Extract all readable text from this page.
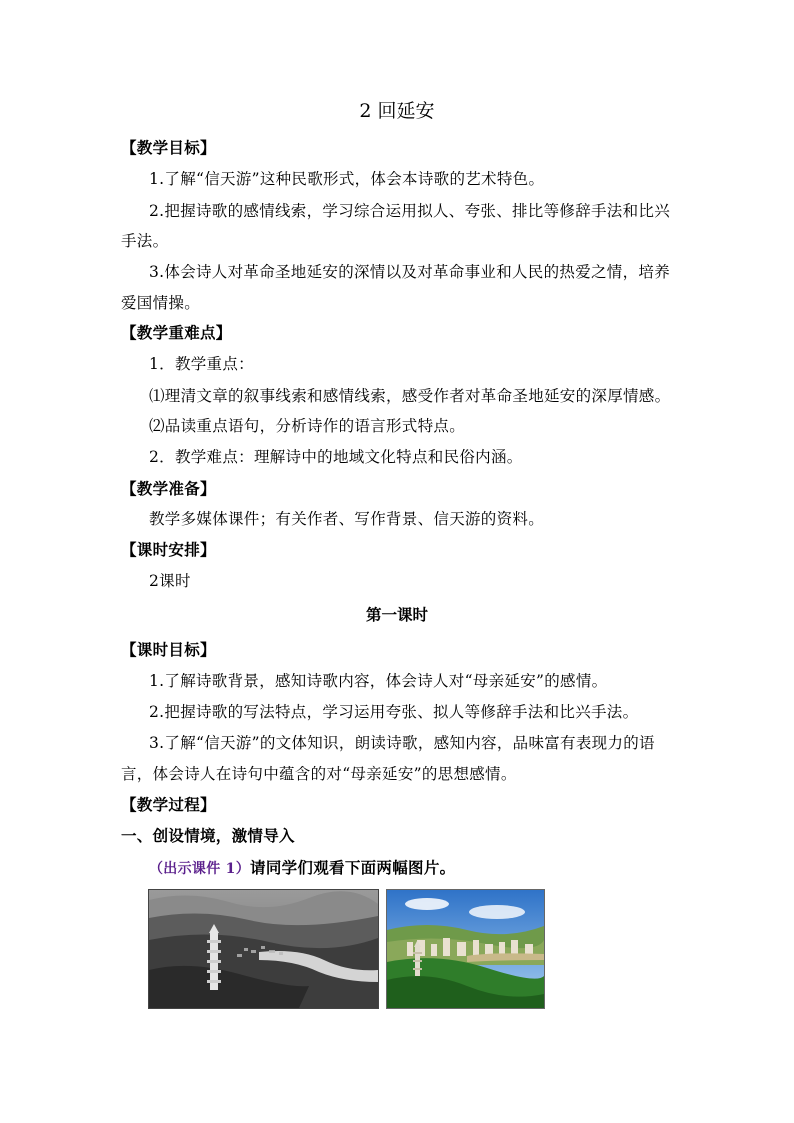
2 回延安
【教学目标】
1.了解“信天游”这种民歌形式，体会本诗歌的艺术特色。
2.把握诗歌的感情线索，学习综合运用拟人、夸张、排比等修辞手法和比兴
手法。
3.体会诗人对革命圣地延安的深情以及对革命事业和人民的热爱之情，培养
爱国情操。
【教学重难点】
1．教学重点：
⑴理清文章的叙事线索和感情线索，感受作者对革命圣地延安的深厚情感。
⑵品读重点语句，分析诗作的语言形式特点。
2．教学难点：理解诗中的地域文化特点和民俗内涵。
【教学准备】
教学多媒体课件；有关作者、写作背景、信天游的资料。
【课时安排】
2课时
第一课时
【课时目标】
1.了解诗歌背景，感知诗歌内容，体会诗人对“母亲延安”的感情。
2.把握诗歌的写法特点，学习运用夸张、拟人等修辞手法和比兴手法。
3.了解“信天游”的文体知识，朗读诗歌，感知内容，品味富有表现力的语
言，体会诗人在诗句中蕴含的对“母亲延安”的思想感情。
【教学过程】
一、创设情境，激情导入
（出示课件 1）请同学们观看下面两幅图片。
